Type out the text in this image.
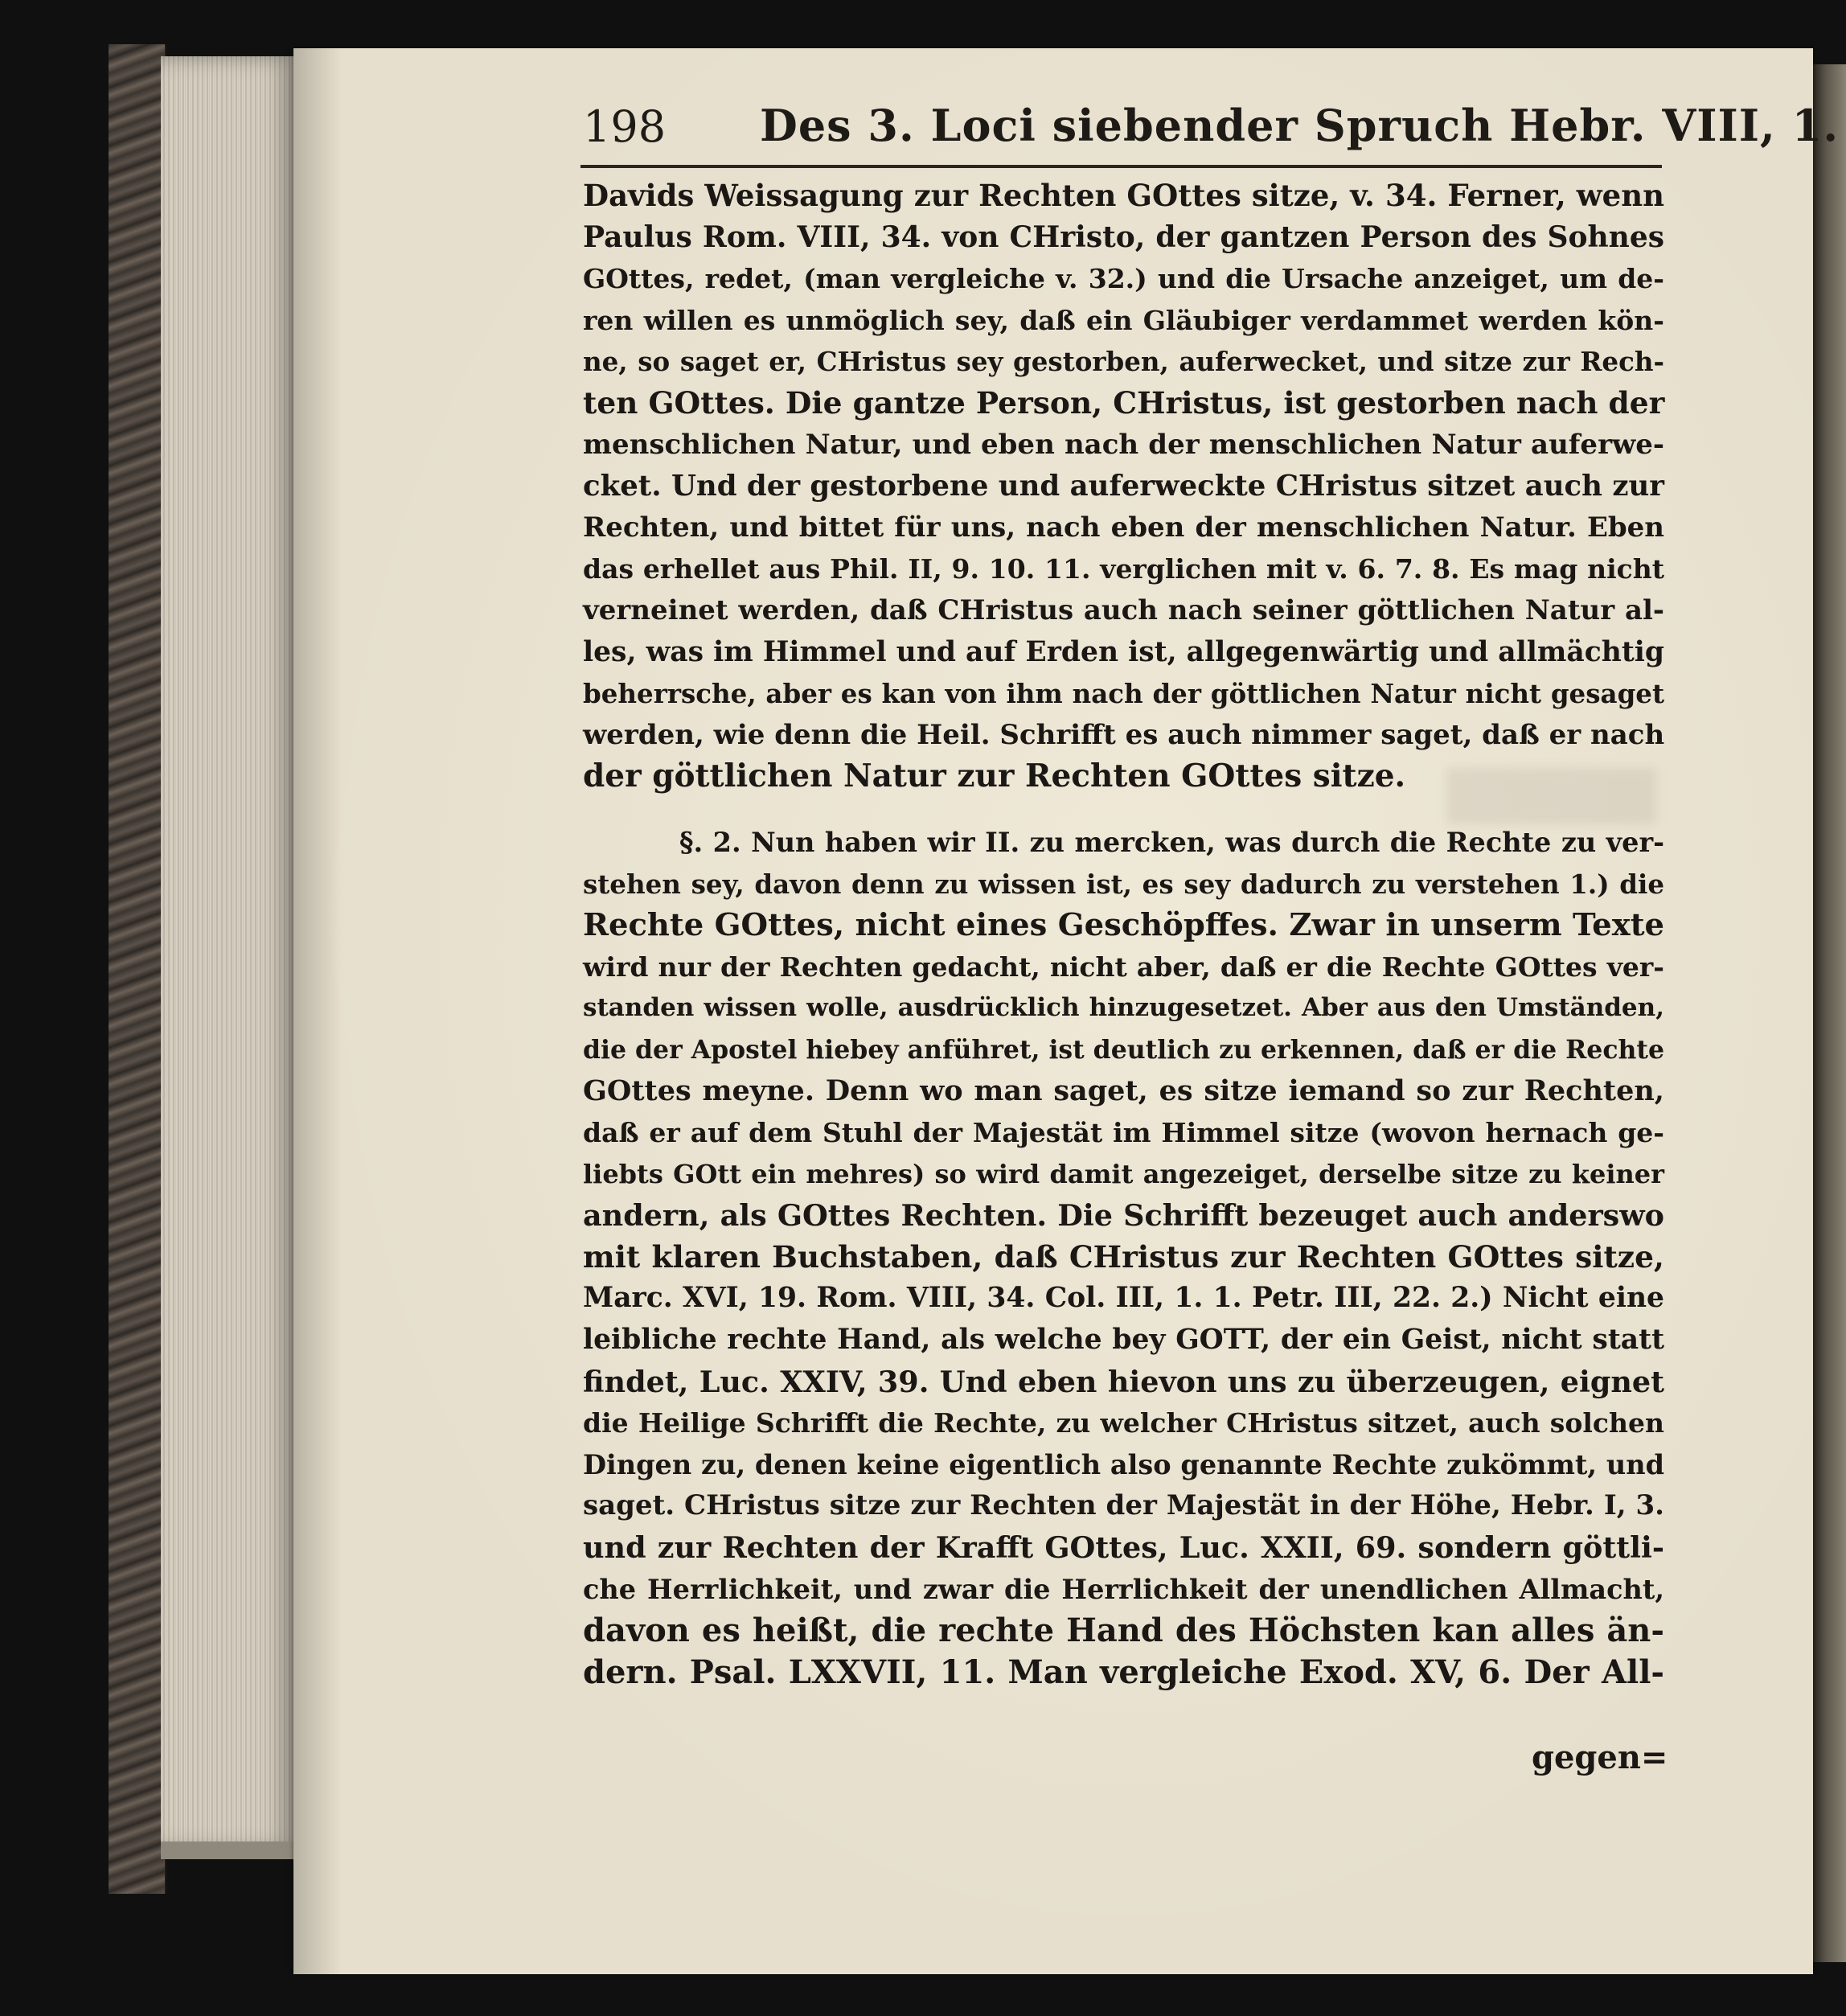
198 Des 3. Loci siebender Spruch Hebr. VIII, 1.
Davids Weissagung zur Rechten GOttes sitze, v. 34. Ferner, wenn
Paulus Rom. VIII, 34. von CHristo, der gantzen Person des Sohnes
GOttes, redet, (man vergleiche v. 32.) und die Ursache anzeiget, um de-
ren willen es unmöglich sey, daß ein Gläubiger verdammet werden kön-
ne, so saget er, CHristus sey gestorben, auferwecket, und sitze zur Rech-
ten GOttes. Die gantze Person, CHristus, ist gestorben nach der
menschlichen Natur, und eben nach der menschlichen Natur auferwe-
cket. Und der gestorbene und auferweckte CHristus sitzet auch zur
Rechten, und bittet für uns, nach eben der menschlichen Natur. Eben
das erhellet aus Phil. II, 9. 10. 11. verglichen mit v. 6. 7. 8. Es mag nicht
verneinet werden, daß CHristus auch nach seiner göttlichen Natur al-
les, was im Himmel und auf Erden ist, allgegenwärtig und allmächtig
beherrsche, aber es kan von ihm nach der göttlichen Natur nicht gesaget
werden, wie denn die Heil. Schrifft es auch nimmer saget, daß er nach
der göttlichen Natur zur Rechten GOttes sitze.
§. 2. Nun haben wir II. zu mercken, was durch die Rechte zu ver-
stehen sey, davon denn zu wissen ist, es sey dadurch zu verstehen 1.) die
Rechte GOttes, nicht eines Geschöpffes. Zwar in unserm Texte
wird nur der Rechten gedacht, nicht aber, daß er die Rechte GOttes ver-
standen wissen wolle, ausdrücklich hinzugesetzet. Aber aus den Umständen,
die der Apostel hiebey anführet, ist deutlich zu erkennen, daß er die Rechte
GOttes meyne. Denn wo man saget, es sitze iemand so zur Rechten,
daß er auf dem Stuhl der Majestät im Himmel sitze (wovon hernach ge-
liebts GOtt ein mehres) so wird damit angezeiget, derselbe sitze zu keiner
andern, als GOttes Rechten. Die Schrifft bezeuget auch anderswo
mit klaren Buchstaben, daß CHristus zur Rechten GOttes sitze,
Marc. XVI, 19. Rom. VIII, 34. Col. III, 1. 1. Petr. III, 22. 2.) Nicht eine
leibliche rechte Hand, als welche bey GOTT, der ein Geist, nicht statt
findet, Luc. XXIV, 39. Und eben hievon uns zu überzeugen, eignet
die Heilige Schrifft die Rechte, zu welcher CHristus sitzet, auch solchen
Dingen zu, denen keine eigentlich also genannte Rechte zukömmt, und
saget. CHristus sitze zur Rechten der Majestät in der Höhe, Hebr. I, 3.
und zur Rechten der Krafft GOttes, Luc. XXII, 69. sondern göttli-
che Herrlichkeit, und zwar die Herrlichkeit der unendlichen Allmacht,
davon es heißt, die rechte Hand des Höchsten kan alles än-
dern. Psal. LXXVII, 11. Man vergleiche Exod. XV, 6. Der All-
gegen=
